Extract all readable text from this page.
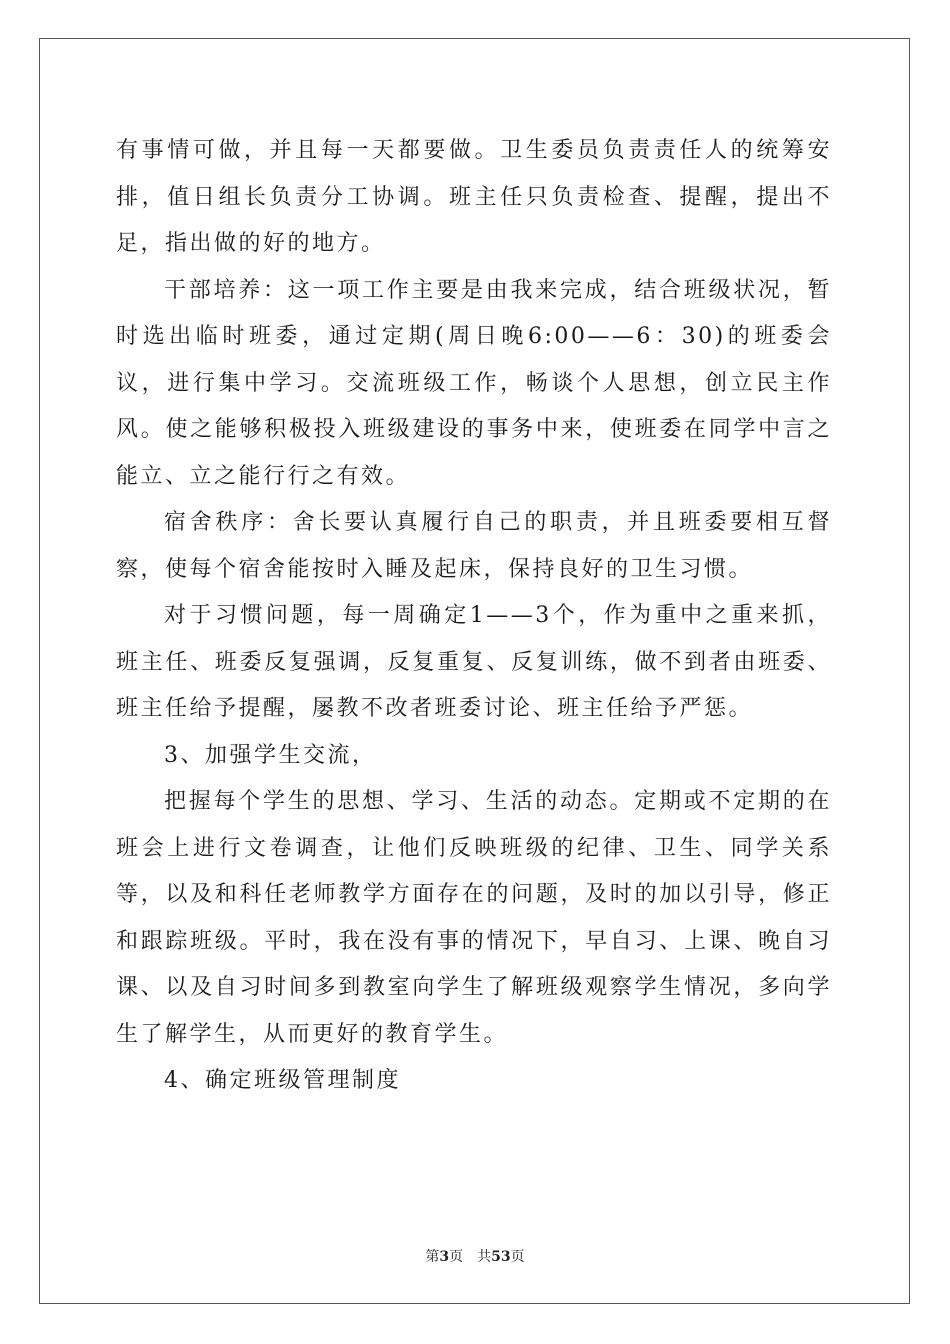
有事情可做，并且每一天都要做。卫生委员负责责任人的统筹安排，值日组长负责分工协调。班主任只负责检查、提醒，提出不足，指出做的好的地方。

干部培养：这一项工作主要是由我来完成，结合班级状况，暂时选出临时班委，通过定期(周日晚6:00——6：30)的班委会议，进行集中学习。交流班级工作，畅谈个人思想，创立民主作风。使之能够积极投入班级建设的事务中来，使班委在同学中言之能立、立之能行行之有效。

宿舍秩序：舍长要认真履行自己的职责，并且班委要相互督察，使每个宿舍能按时入睡及起床，保持良好的卫生习惯。

对于习惯问题，每一周确定1——3个，作为重中之重来抓，班主任、班委反复强调，反复重复、反复训练，做不到者由班委、班主任给予提醒，屡教不改者班委讨论、班主任给予严惩。

3、加强学生交流，

把握每个学生的思想、学习、生活的动态。定期或不定期的在班会上进行文卷调查，让他们反映班级的纪律、卫生、同学关系等，以及和科任老师教学方面存在的问题，及时的加以引导，修正和跟踪班级。平时，我在没有事的情况下，早自习、上课、晚自习课、以及自习时间多到教室向学生了解班级观察学生情况，多向学生了解学生，从而更好的教育学生。

4、确定班级管理制度

第3页　共53页
